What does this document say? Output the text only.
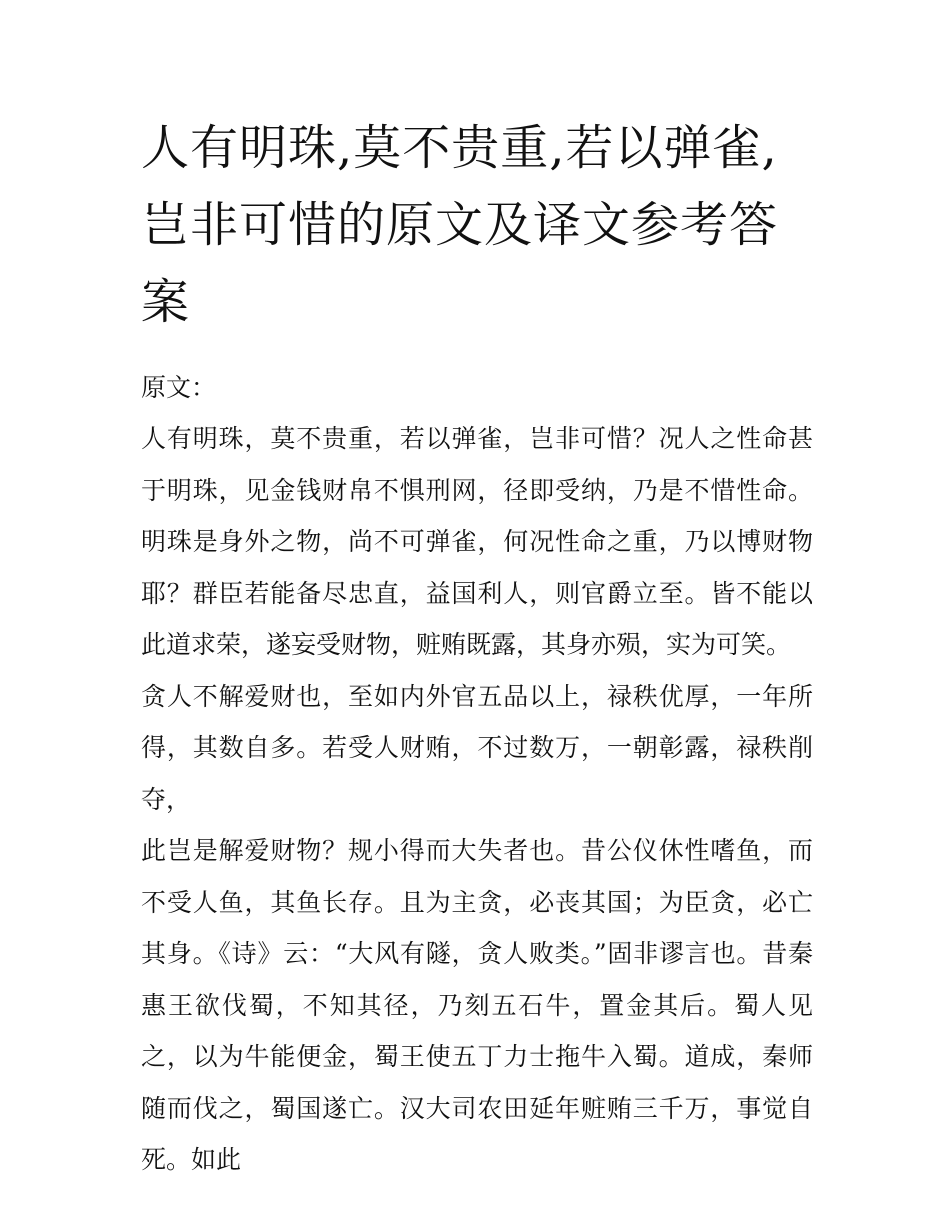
人有明珠,莫不贵重,若以弹雀,岂非可惜的原文及译文参考答案

原文：

人有明珠，莫不贵重，若以弹雀，岂非可惜？况人之性命甚于明珠，见金钱财帛不惧刑网，径即受纳，乃是不惜性命。明珠是身外之物，尚不可弹雀，何况性命之重，乃以博财物耶？群臣若能备尽忠直，益国利人，则官爵立至。皆不能以此道求荣，遂妄受财物，赃贿既露，其身亦殒，实为可笑。

贪人不解爱财也，至如内外官五品以上，禄秩优厚，一年所得，其数自多。若受人财贿，不过数万，一朝彰露，禄秩削夺，

此岂是解爱财物？规小得而大失者也。昔公仪休性嗜鱼，而不受人鱼，其鱼长存。且为主贪，必丧其国；为臣贪，必亡其身。《诗》云：“大风有隧，贪人败类。”固非谬言也。昔秦惠王欲伐蜀，不知其径，乃刻五石牛，置金其后。蜀人见之，以为牛能便金，蜀王使五丁力士拖牛入蜀。道成，秦师随而伐之，蜀国遂亡。汉大司农田延年赃贿三千万，事觉自死。如此
